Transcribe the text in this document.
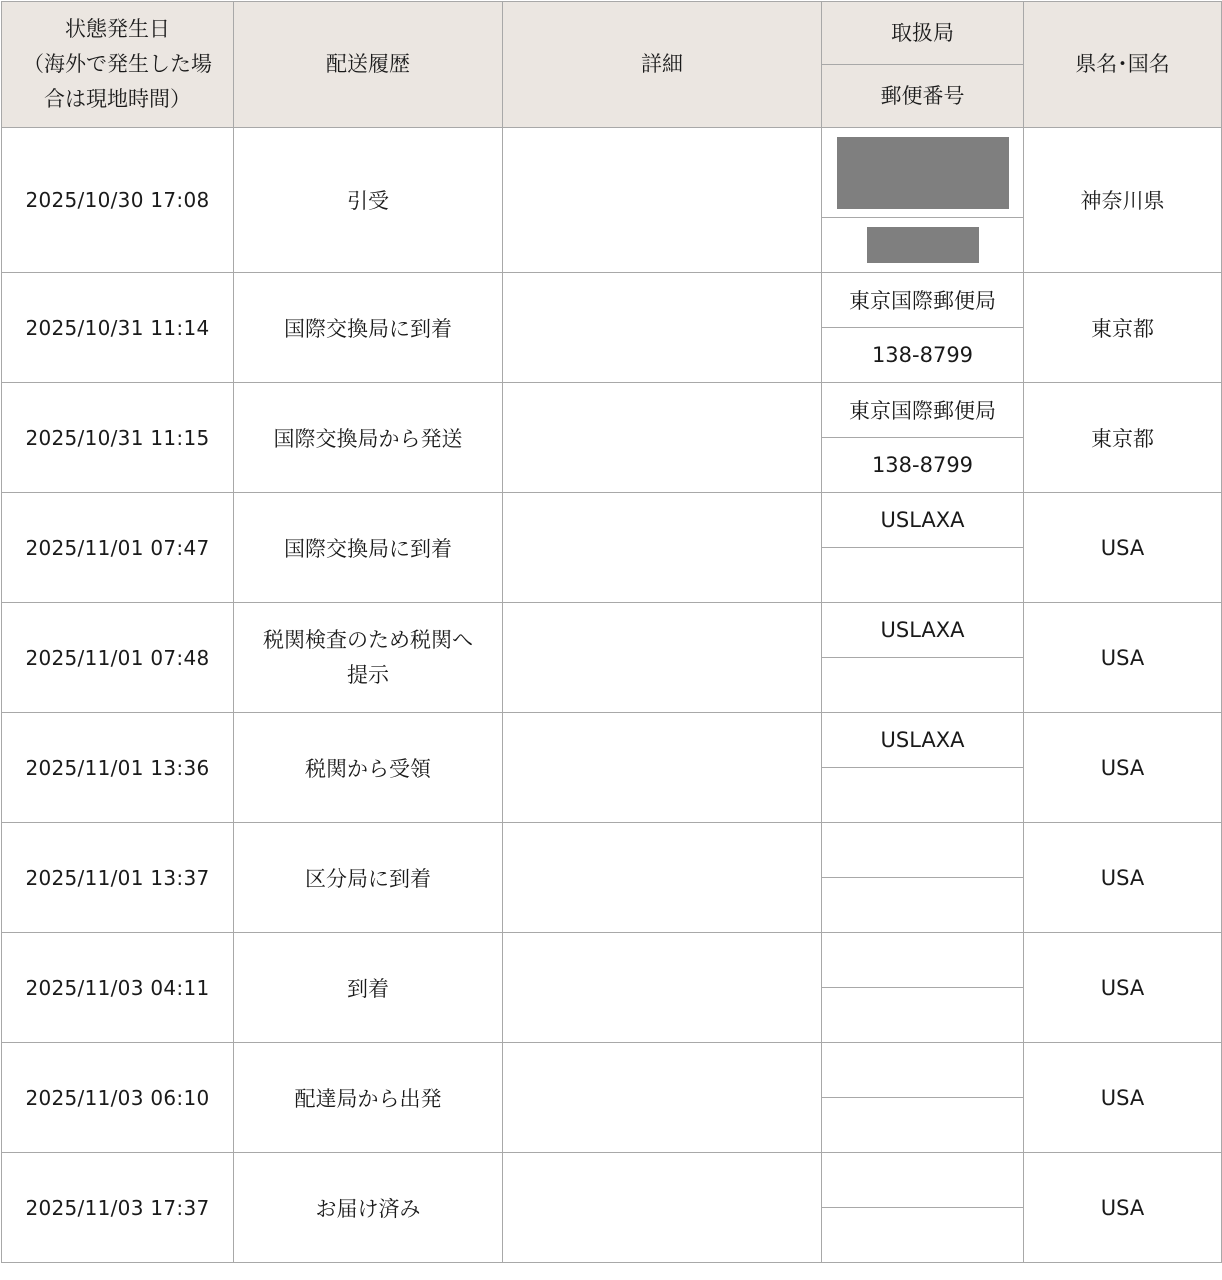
状態発生日
（海外で発生した場
合は現地時間）	配送履歴	詳細	取扱局	県名･国名
			郵便番号	
2025/10/30 17:08	引受			神奈川県

2025/10/31 11:14	国際交換局に到着		東京国際郵便局	東京都
			138-8799	
2025/10/31 11:15	国際交換局から発送		東京国際郵便局	東京都
			138-8799	
2025/11/01 07:47	国際交換局に到着		USLAXA	USA

2025/11/01 07:48	税関検査のため税関へ
提示		USLAXA	USA

2025/11/01 13:36	税関から受領		USLAXA	USA

2025/11/01 13:37	区分局に到着			USA

2025/11/03 04:11	到着			USA

2025/11/03 06:10	配達局から出発			USA

2025/11/03 17:37	お届け済み			USA
